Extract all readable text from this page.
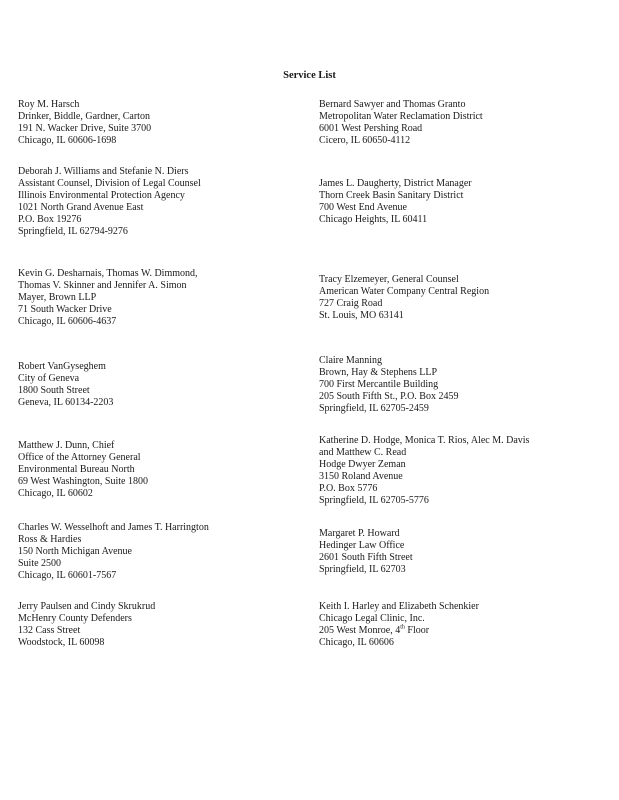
Service List
Roy M. Harsch
Drinker, Biddle, Gardner, Carton
191 N. Wacker Drive, Suite 3700
Chicago, IL 60606-1698
Deborah J. Williams and Stefanie N. Diers
Assistant Counsel, Division of Legal Counsel
Illinois Environmental Protection Agency
1021 North Grand Avenue East
P.O. Box 19276
Springfield, IL 62794-9276
Kevin G. Desharnais, Thomas W. Dimmond,
Thomas V. Skinner and Jennifer A. Simon
Mayer, Brown LLP
71 South Wacker Drive
Chicago, IL 60606-4637
Robert VanGyseghem
City of Geneva
1800 South Street
Geneva, IL 60134-2203
Matthew J. Dunn, Chief
Office of the Attorney General
Environmental Bureau North
69 West Washington, Suite 1800
Chicago, IL 60602
Charles W. Wesselhoft and James T. Harrington
Ross & Hardies
150 North Michigan Avenue
Suite 2500
Chicago, IL 60601-7567
Jerry Paulsen and Cindy Skrukrud
McHenry County Defenders
132 Cass Street
Woodstock, IL 60098
Bernard Sawyer and Thomas Granto
Metropolitan Water Reclamation District
6001 West Pershing Road
Cicero, IL 60650-4112
James L. Daugherty, District Manager
Thorn Creek Basin Sanitary District
700 West End Avenue
Chicago Heights, IL 60411
Tracy Elzemeyer, General Counsel
American Water Company Central Region
727 Craig Road
St. Louis, MO 63141
Claire Manning
Brown, Hay & Stephens LLP
700 First Mercantile Building
205 South Fifth St., P.O. Box 2459
Springfield, IL 62705-2459
Katherine D. Hodge, Monica T. Rios, Alec M. Davis
and Matthew C. Read
Hodge Dwyer Zeman
3150 Roland Avenue
P.O. Box 5776
Springfield, IL 62705-5776
Margaret P. Howard
Hedinger Law Office
2601 South Fifth Street
Springfield, IL 62703
Keith I. Harley and Elizabeth Schenkier
Chicago Legal Clinic, Inc.
205 West Monroe, 4th Floor
Chicago, IL 60606
